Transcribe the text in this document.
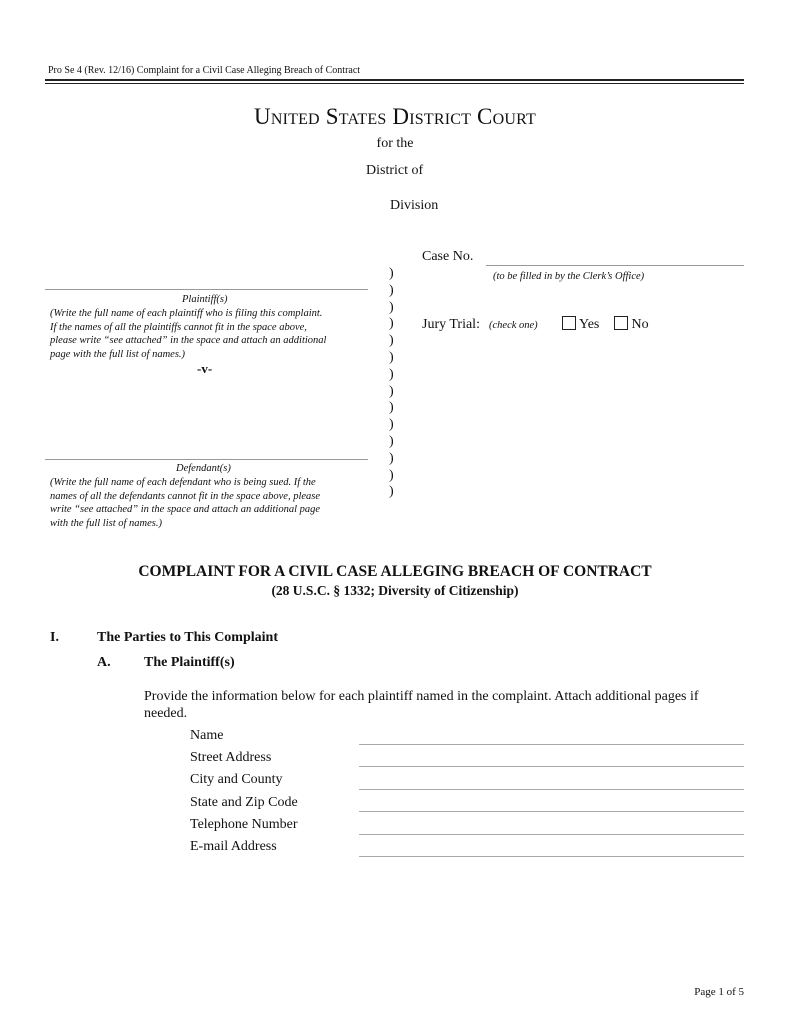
Pro Se 4 (Rev. 12/16) Complaint for a Civil Case Alleging Breach of Contract
United States District Court
for the
District of
Division
Case No.
(to be filled in by the Clerk’s Office)
Jury Trial: (check one)	Yes	No
Plaintiff(s)
(Write the full name of each plaintiff who is filing this complaint.
If the names of all the plaintiffs cannot fit in the space above,
please write “see attached” in the space and attach an additional
page with the full list of names.)
-v-
Defendant(s)
(Write the full name of each defendant who is being sued. If the
names of all the defendants cannot fit in the space above, please
write “see attached” in the space and attach an additional page
with the full list of names.)
)
)
)
)
)
)
)
)
)
)
)
)
)
)
COMPLAINT FOR A CIVIL CASE ALLEGING BREACH OF CONTRACT
(28 U.S.C. § 1332; Diversity of Citizenship)
I.	The Parties to This Complaint
A. The Plaintiff(s)
Provide the information below for each plaintiff named in the complaint. Attach additional pages if
needed.
Name
Street Address
City and County
State and Zip Code
Telephone Number
E-mail Address
Page 1 of 5
